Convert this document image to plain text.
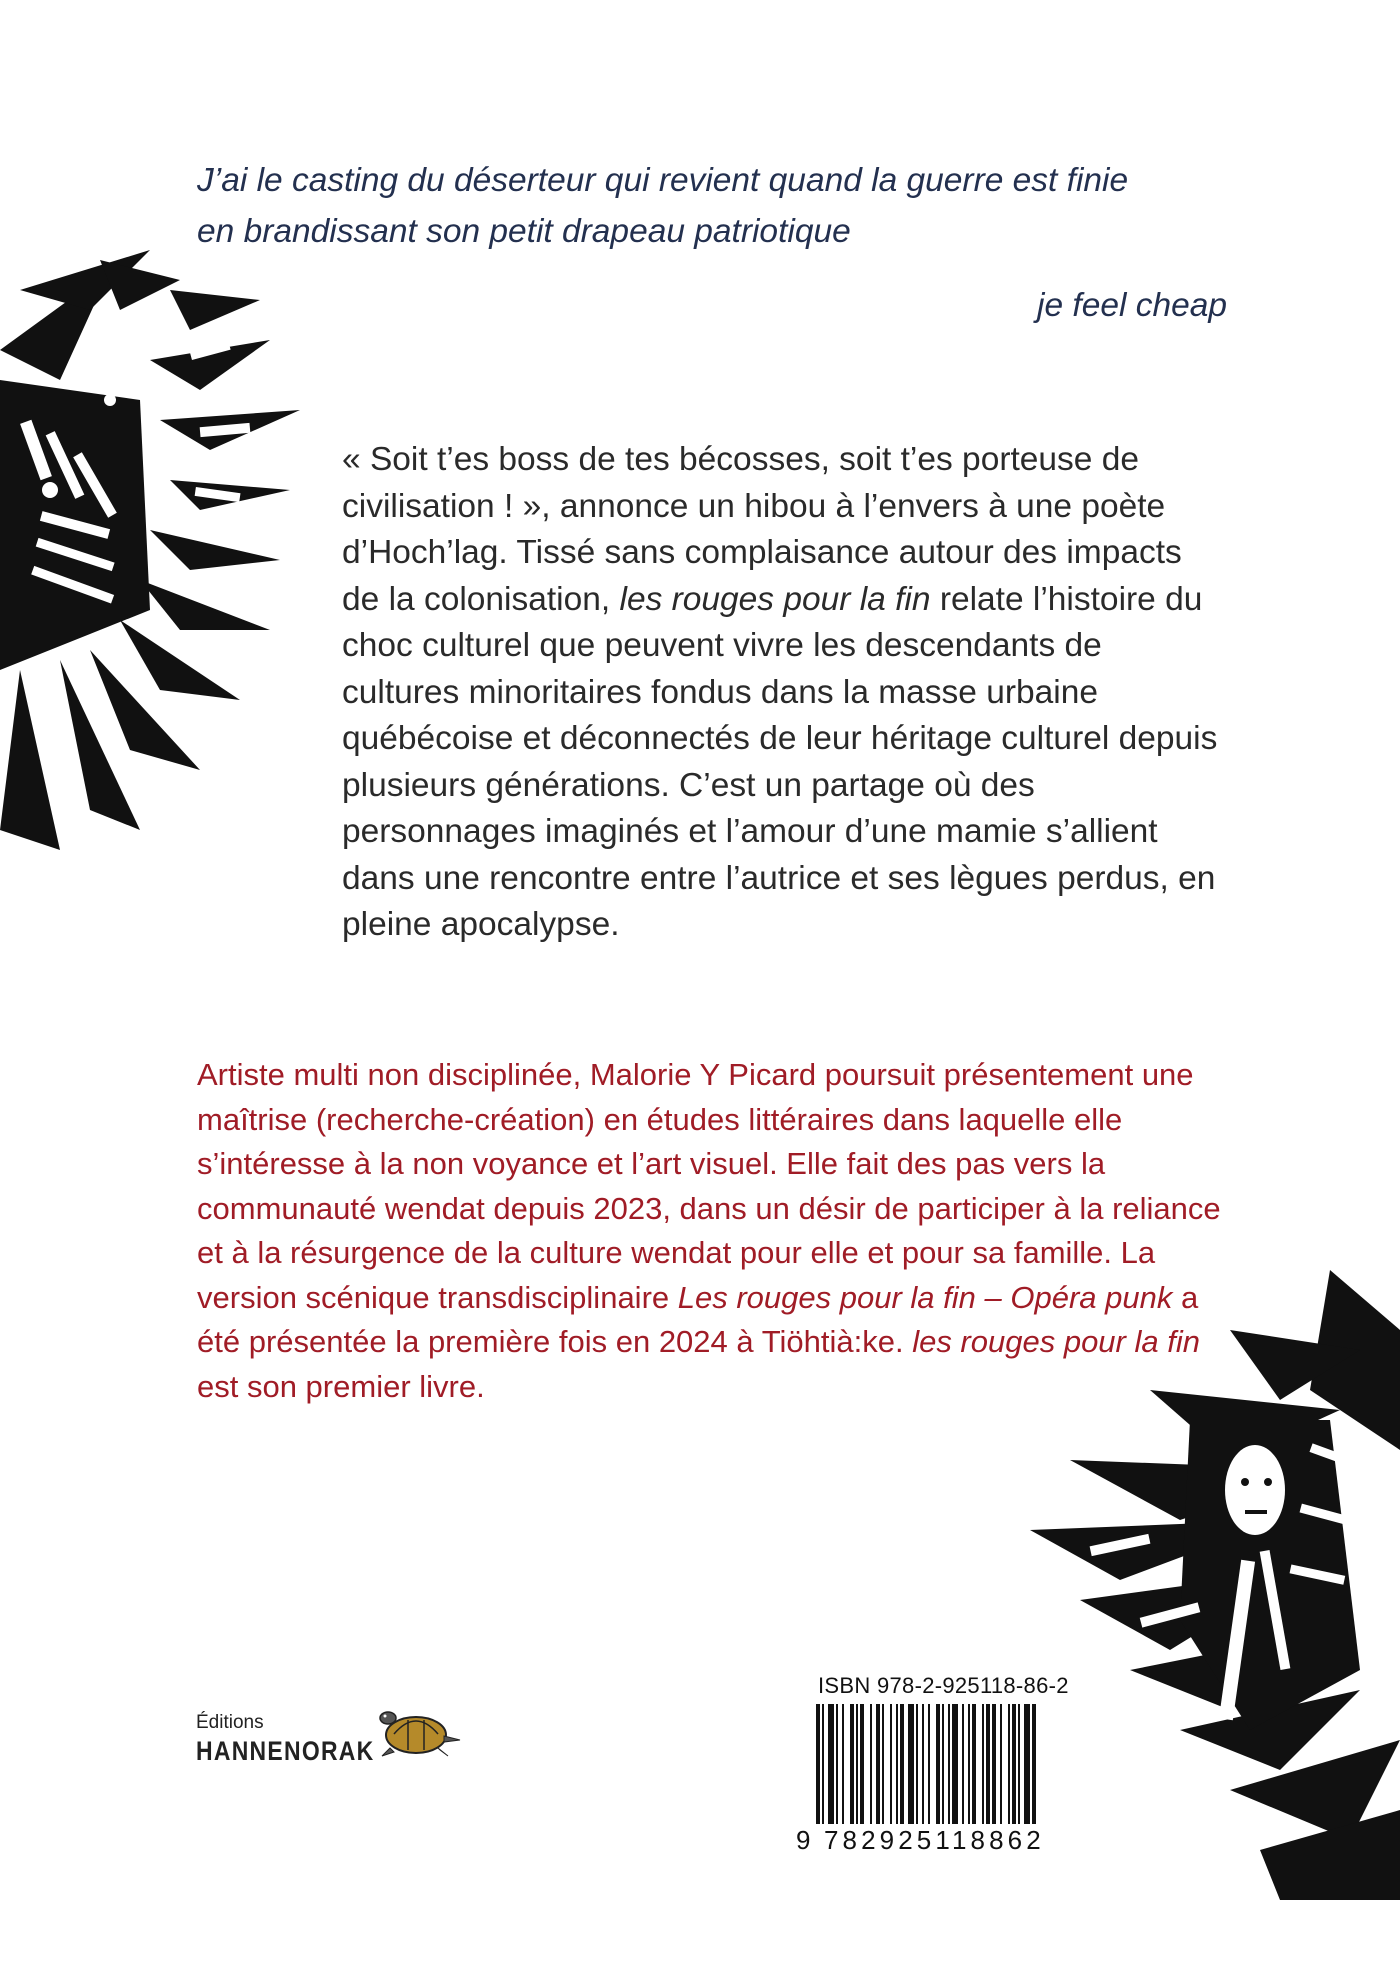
J’ai le casting du déserteur qui revient quand la guerre est finie

en brandissant son petit drapeau patriotique

je feel cheap

« Soit t’es boss de tes bécosses, soit t’es porteuse de civilisation ! », annonce un hibou à l’envers à une poète d’Hoch’lag. Tissé sans complaisance autour des impacts de la colonisation, les rouges pour la fin relate l’histoire du choc culturel que peuvent vivre les descendants de cultures minoritaires fondus dans la masse urbaine québécoise et déconnectés de leur héritage culturel depuis plusieurs générations. C’est un partage où des personnages imaginés et l’amour d’une mamie s’allient dans une rencontre entre l’autrice et ses lègues perdus, en pleine apocalypse.

Artiste multi non disciplinée, Malorie Y Picard poursuit présentement une maîtrise (recherche-création) en études littéraires dans laquelle elle s’intéresse à la non voyance et l’art visuel. Elle fait des pas vers la communauté wendat depuis 2023, dans un désir de participer à la reliance et à la résurgence de la culture wendat pour elle et pour sa famille. La version scénique transdisciplinaire Les rouges pour la fin – Opéra punk a été présentée la première fois en 2024 à Tiöhtià:ke. les rouges pour la fin est son premier livre.

Éditions
HANNENORAK
ISBN 978-2-925118-86-2
9 782925118862
